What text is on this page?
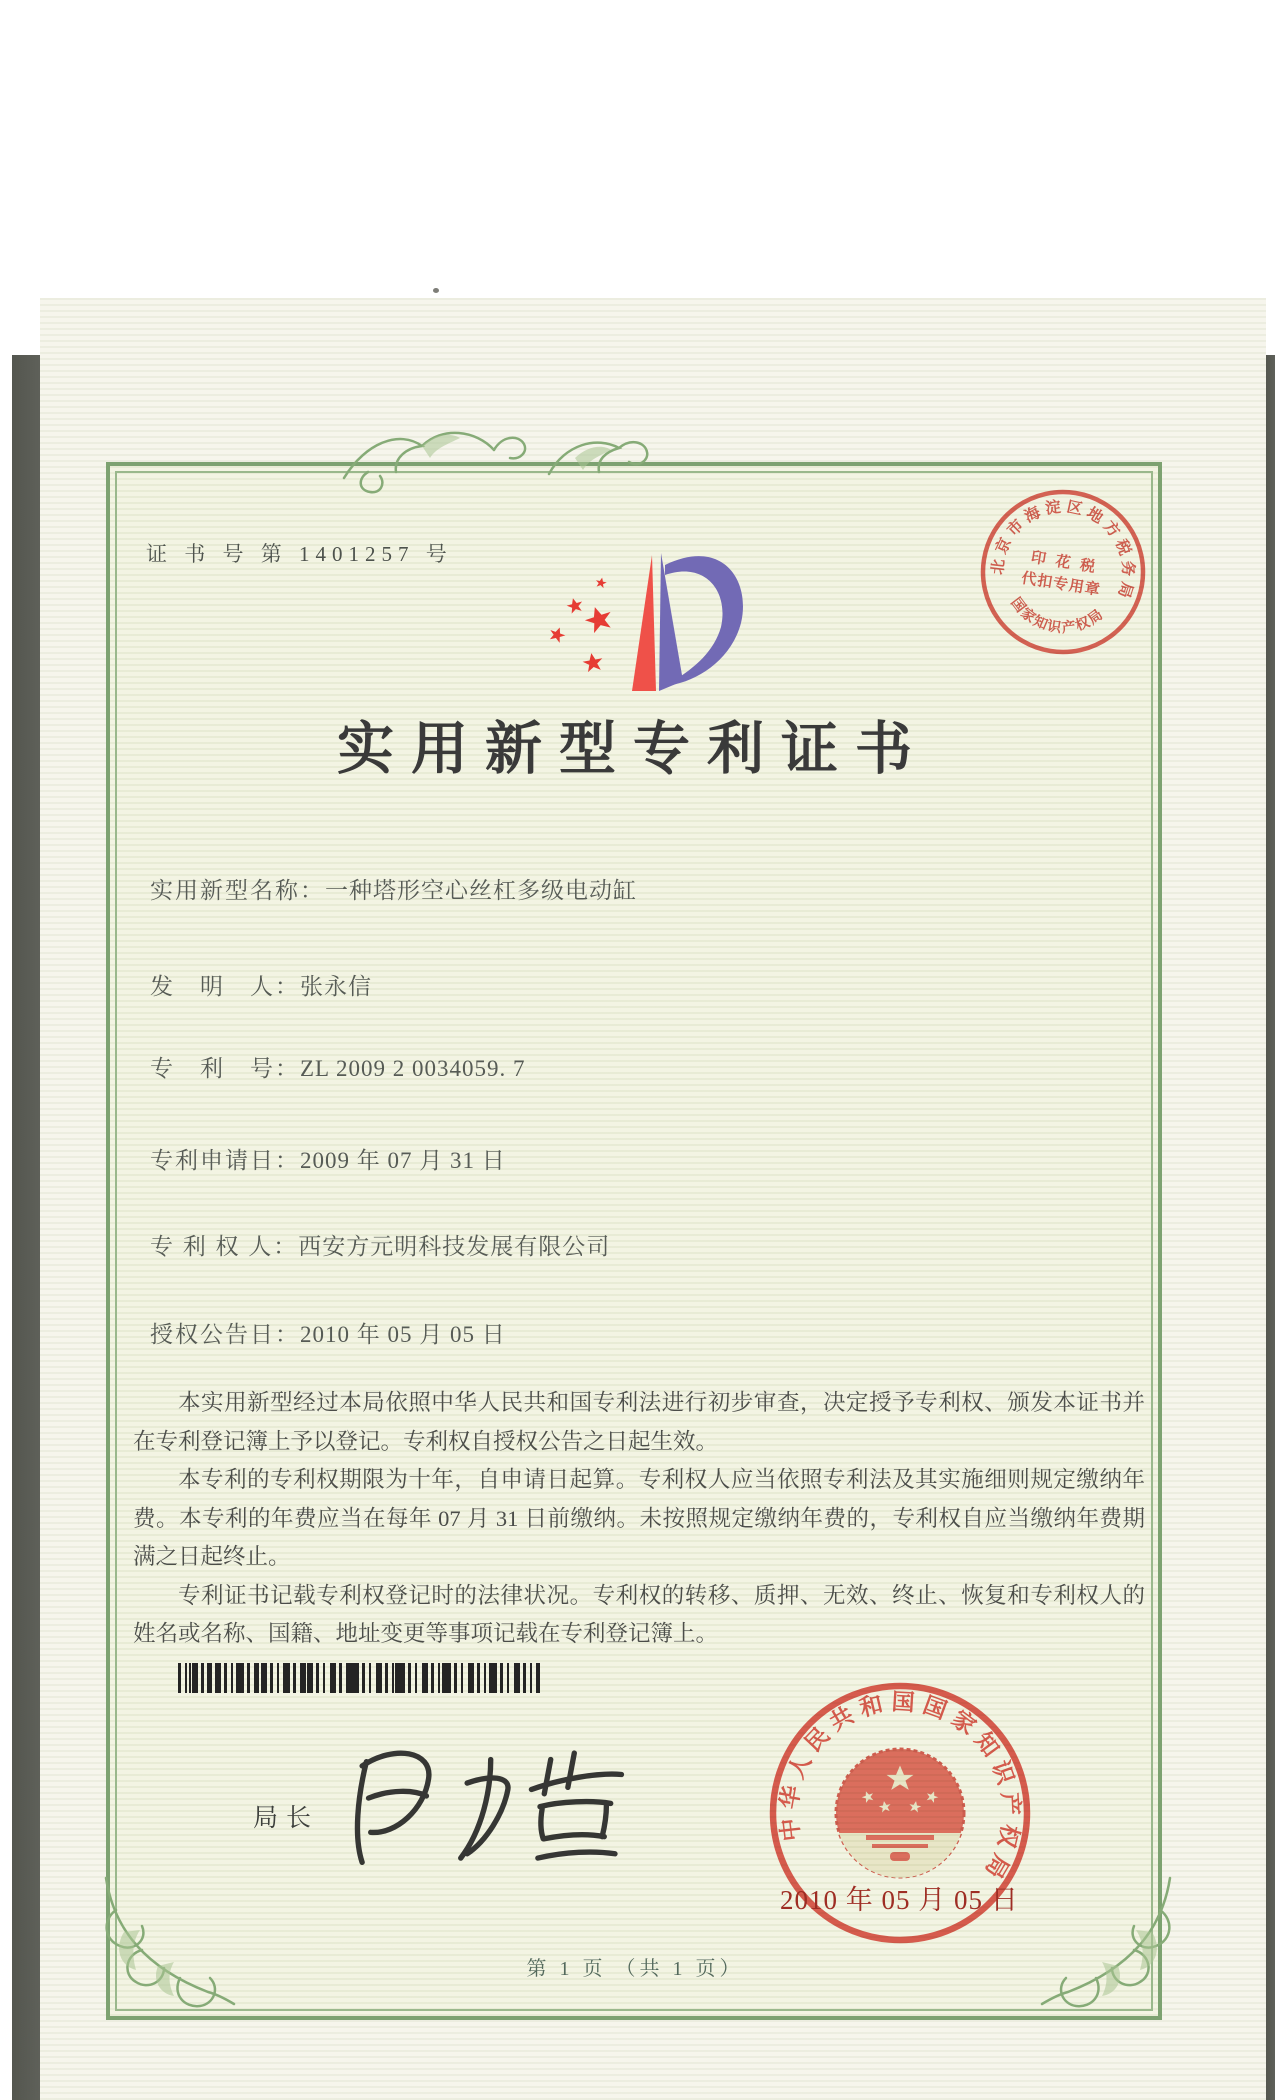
证 书 号 第 1401257 号	北京市海淀区地方税务局
国家知识产权局
印 花 税
代扣专用章
实用新型专利证书
实用新型名称：一种塔形空心丝杠多级电动缸
发　明　人：张永信
专　利　号：ZL 2009 2 0034059. 7
专利申请日：2009 年 07 月 31 日
专 利 权 人：西安方元明科技发展有限公司
授权公告日：2010 年 05 月 05 日

本实用新型经过本局依照中华人民共和国专利法进行初步审查，决定授予专利权、颁发本证书并在专利登记簿上予以登记。专利权自授权公告之日起生效。

本专利的专利权期限为十年，自申请日起算。专利权人应当依照专利法及其实施细则规定缴纳年费。本专利的年费应当在每年 07 月 31 日前缴纳。未按照规定缴纳年费的，专利权自应当缴纳年费期满之日起终止。

专利证书记载专利权登记时的法律状况。专利权的转移、质押、无效、终止、恢复和专利权人的姓名或名称、国籍、地址变更等事项记载在专利登记簿上。

局长	中华人民共和国国家知识产权局
2010 年 05 月 05 日
第 1 页 （共 1 页）
